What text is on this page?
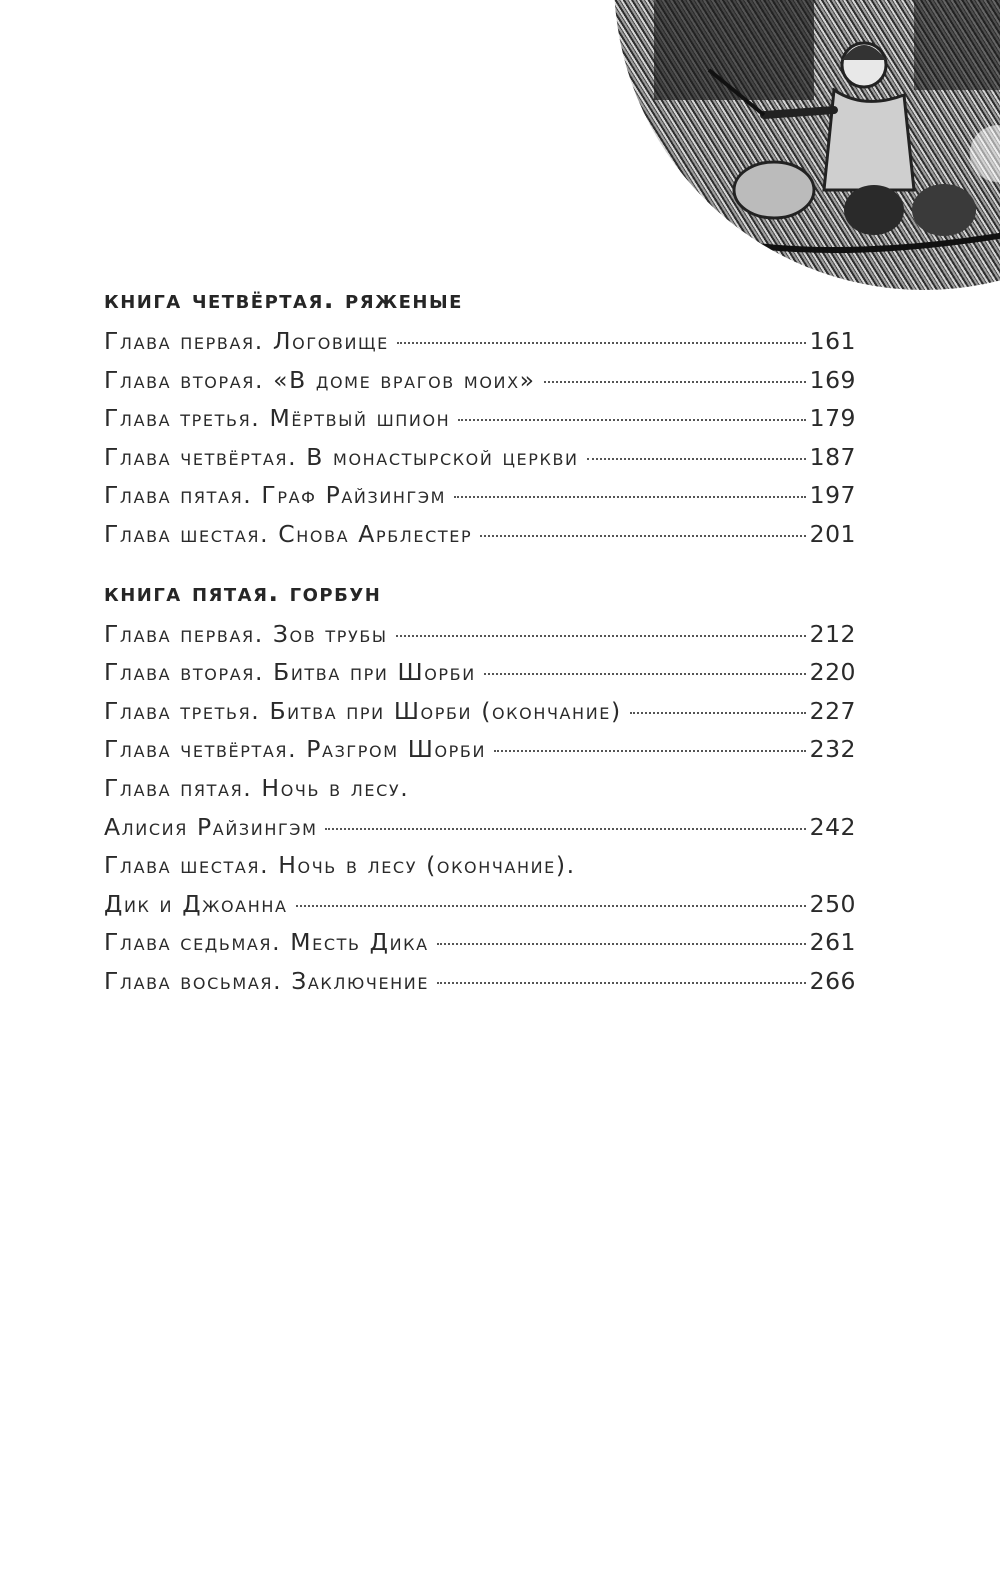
книга четвёртая. ряженые
Глава первая. Логовище	161
Глава вторая. «В доме врагов моих»	169
Глава третья. Мёртвый шпион	179
Глава четвёртая. В монастырской церкви	187
Глава пятая. Граф Райзингэм	197
Глава шестая. Снова Арблестер	201
книга пятая. горбун
Глава первая. Зов трубы	212
Глава вторая. Битва при Шорби	220
Глава третья. Битва при Шорби (окончание)	227
Глава четвёртая. Разгром Шорби	232
Глава пятая. Ночь в лесу.
Алисия Райзингэм	242
Глава шестая. Ночь в лесу (окончание).
Дик и Джоанна	250
Глава седьмая. Месть Дика	261
Глава восьмая. Заключение	266
